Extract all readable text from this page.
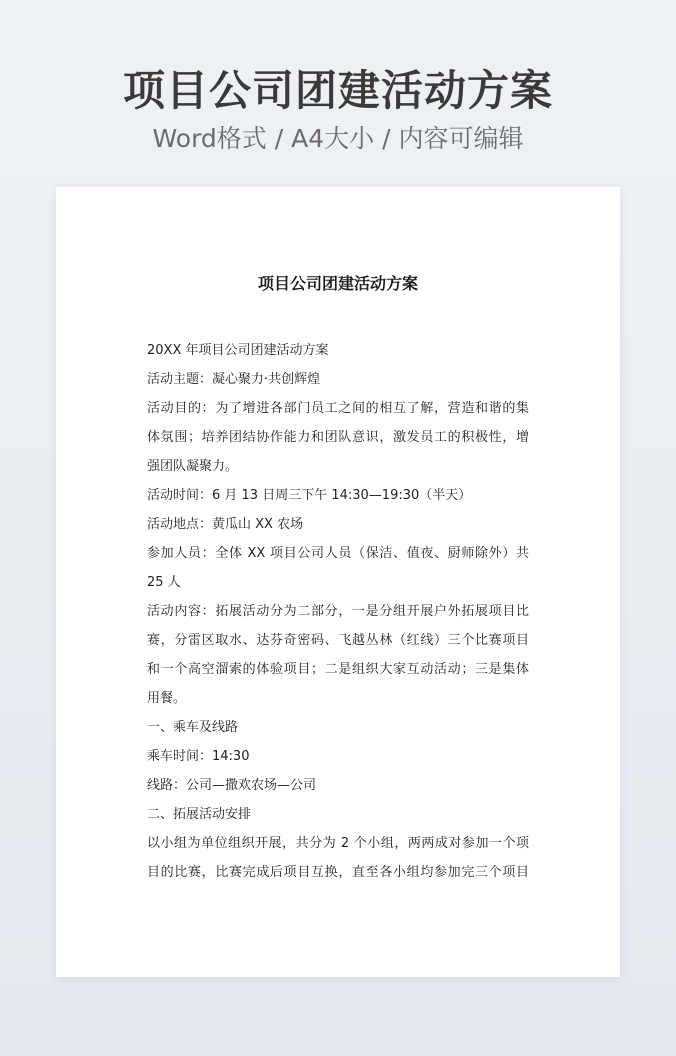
项目公司团建活动方案
Word格式 / A4大小 / 内容可编辑
项目公司团建活动方案
20XX 年项目公司团建活动方案
活动主题：凝心聚力·共创辉煌
活动目的：为了增进各部门员工之间的相互了解，营造和谐的集
体氛围；培养团结协作能力和团队意识，激发员工的积极性，增
强团队凝聚力。
活动时间：6 月 13 日周三下午 14:30—19:30（半天）
活动地点：黄瓜山 XX 农场
参加人员：全体 XX 项目公司人员（保洁、值夜、厨师除外）共
25 人
活动内容：拓展活动分为二部分，一是分组开展户外拓展项目比
赛，分雷区取水、达芬奇密码、飞越丛林（红线）三个比赛项目
和一个高空溜索的体验项目；二是组织大家互动活动；三是集体
用餐。
一、乘车及线路
乘车时间：14:30
线路：公司—撒欢农场—公司
二、拓展活动安排
以小组为单位组织开展，共分为 2 个小组，两两成对参加一个项
目的比赛，比赛完成后项目互换，直至各小组均参加完三个项目
